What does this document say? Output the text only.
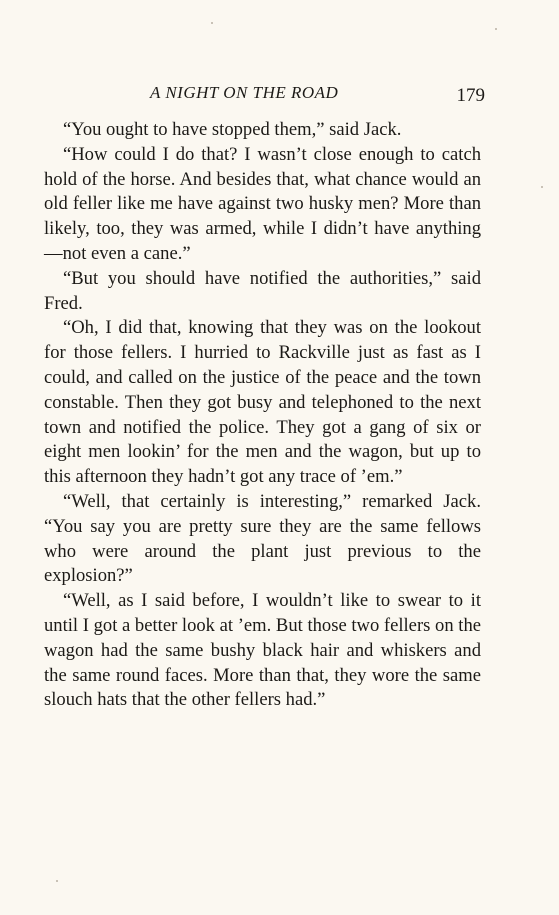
A NIGHT ON THE ROAD	179

“You ought to have stopped them,” said Jack.

“How could I do that? I wasn’t close enough to catch hold of the horse. And besides that, what chance would an old feller like me have against two husky men? More than likely, too, they was armed, while I didn’t have anything—not even a cane.”

“But you should have notified the authorities,” said Fred.

“Oh, I did that, knowing that they was on the lookout for those fellers. I hurried to Rackville just as fast as I could, and called on the justice of the peace and the town constable. Then they got busy and telephoned to the next town and notified the police. They got a gang of six or eight men lookin’ for the men and the wagon, but up to this afternoon they hadn’t got any trace of ’em.”

“Well, that certainly is interesting,” remarked Jack. “You say you are pretty sure they are the same fellows who were around the plant just previous to the explosion?”

“Well, as I said before, I wouldn’t like to swear to it until I got a better look at ’em. But those two fellers on the wagon had the same bushy black hair and whiskers and the same round faces. More than that, they wore the same slouch hats that the other fellers had.”
